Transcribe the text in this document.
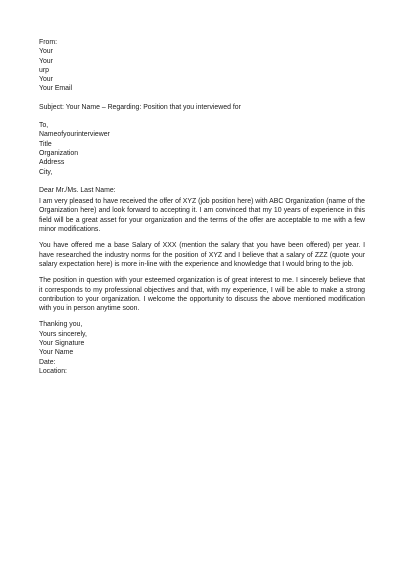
From:
Your
Your
urp
Your
Your Email
Subject: Your Name – Regarding: Position that you interviewed for
To,
Nameofyourinterviewer
Title
Organization
Address
City,
Dear Mr./Ms. Last Name:

I am very pleased to have received the offer of XYZ (job position here) with ABC Organization (name of the Organization here) and look forward to accepting it. I am convinced that my 10 years of experience in this field will be a great asset for your organization and the terms of the offer are acceptable to me with a few minor modifications.

You have offered me a base Salary of XXX (mention the salary that you have been offered) per year. I have researched the industry norms for the position of XYZ and I believe that a salary of ZZZ (quote your salary expectation here) is more in-line with the experience and knowledge that I would bring to the job.

The position in question with your esteemed organization is of great interest to me. I sincerely believe that it corresponds to my professional objectives and that, with my experience, I will be able to make a strong contribution to your organization. I welcome the opportunity to discuss the above mentioned modification with you in person anytime soon.

Thanking you,
Yours sincerely,
Your Signature
Your Name
Date:
Location:
